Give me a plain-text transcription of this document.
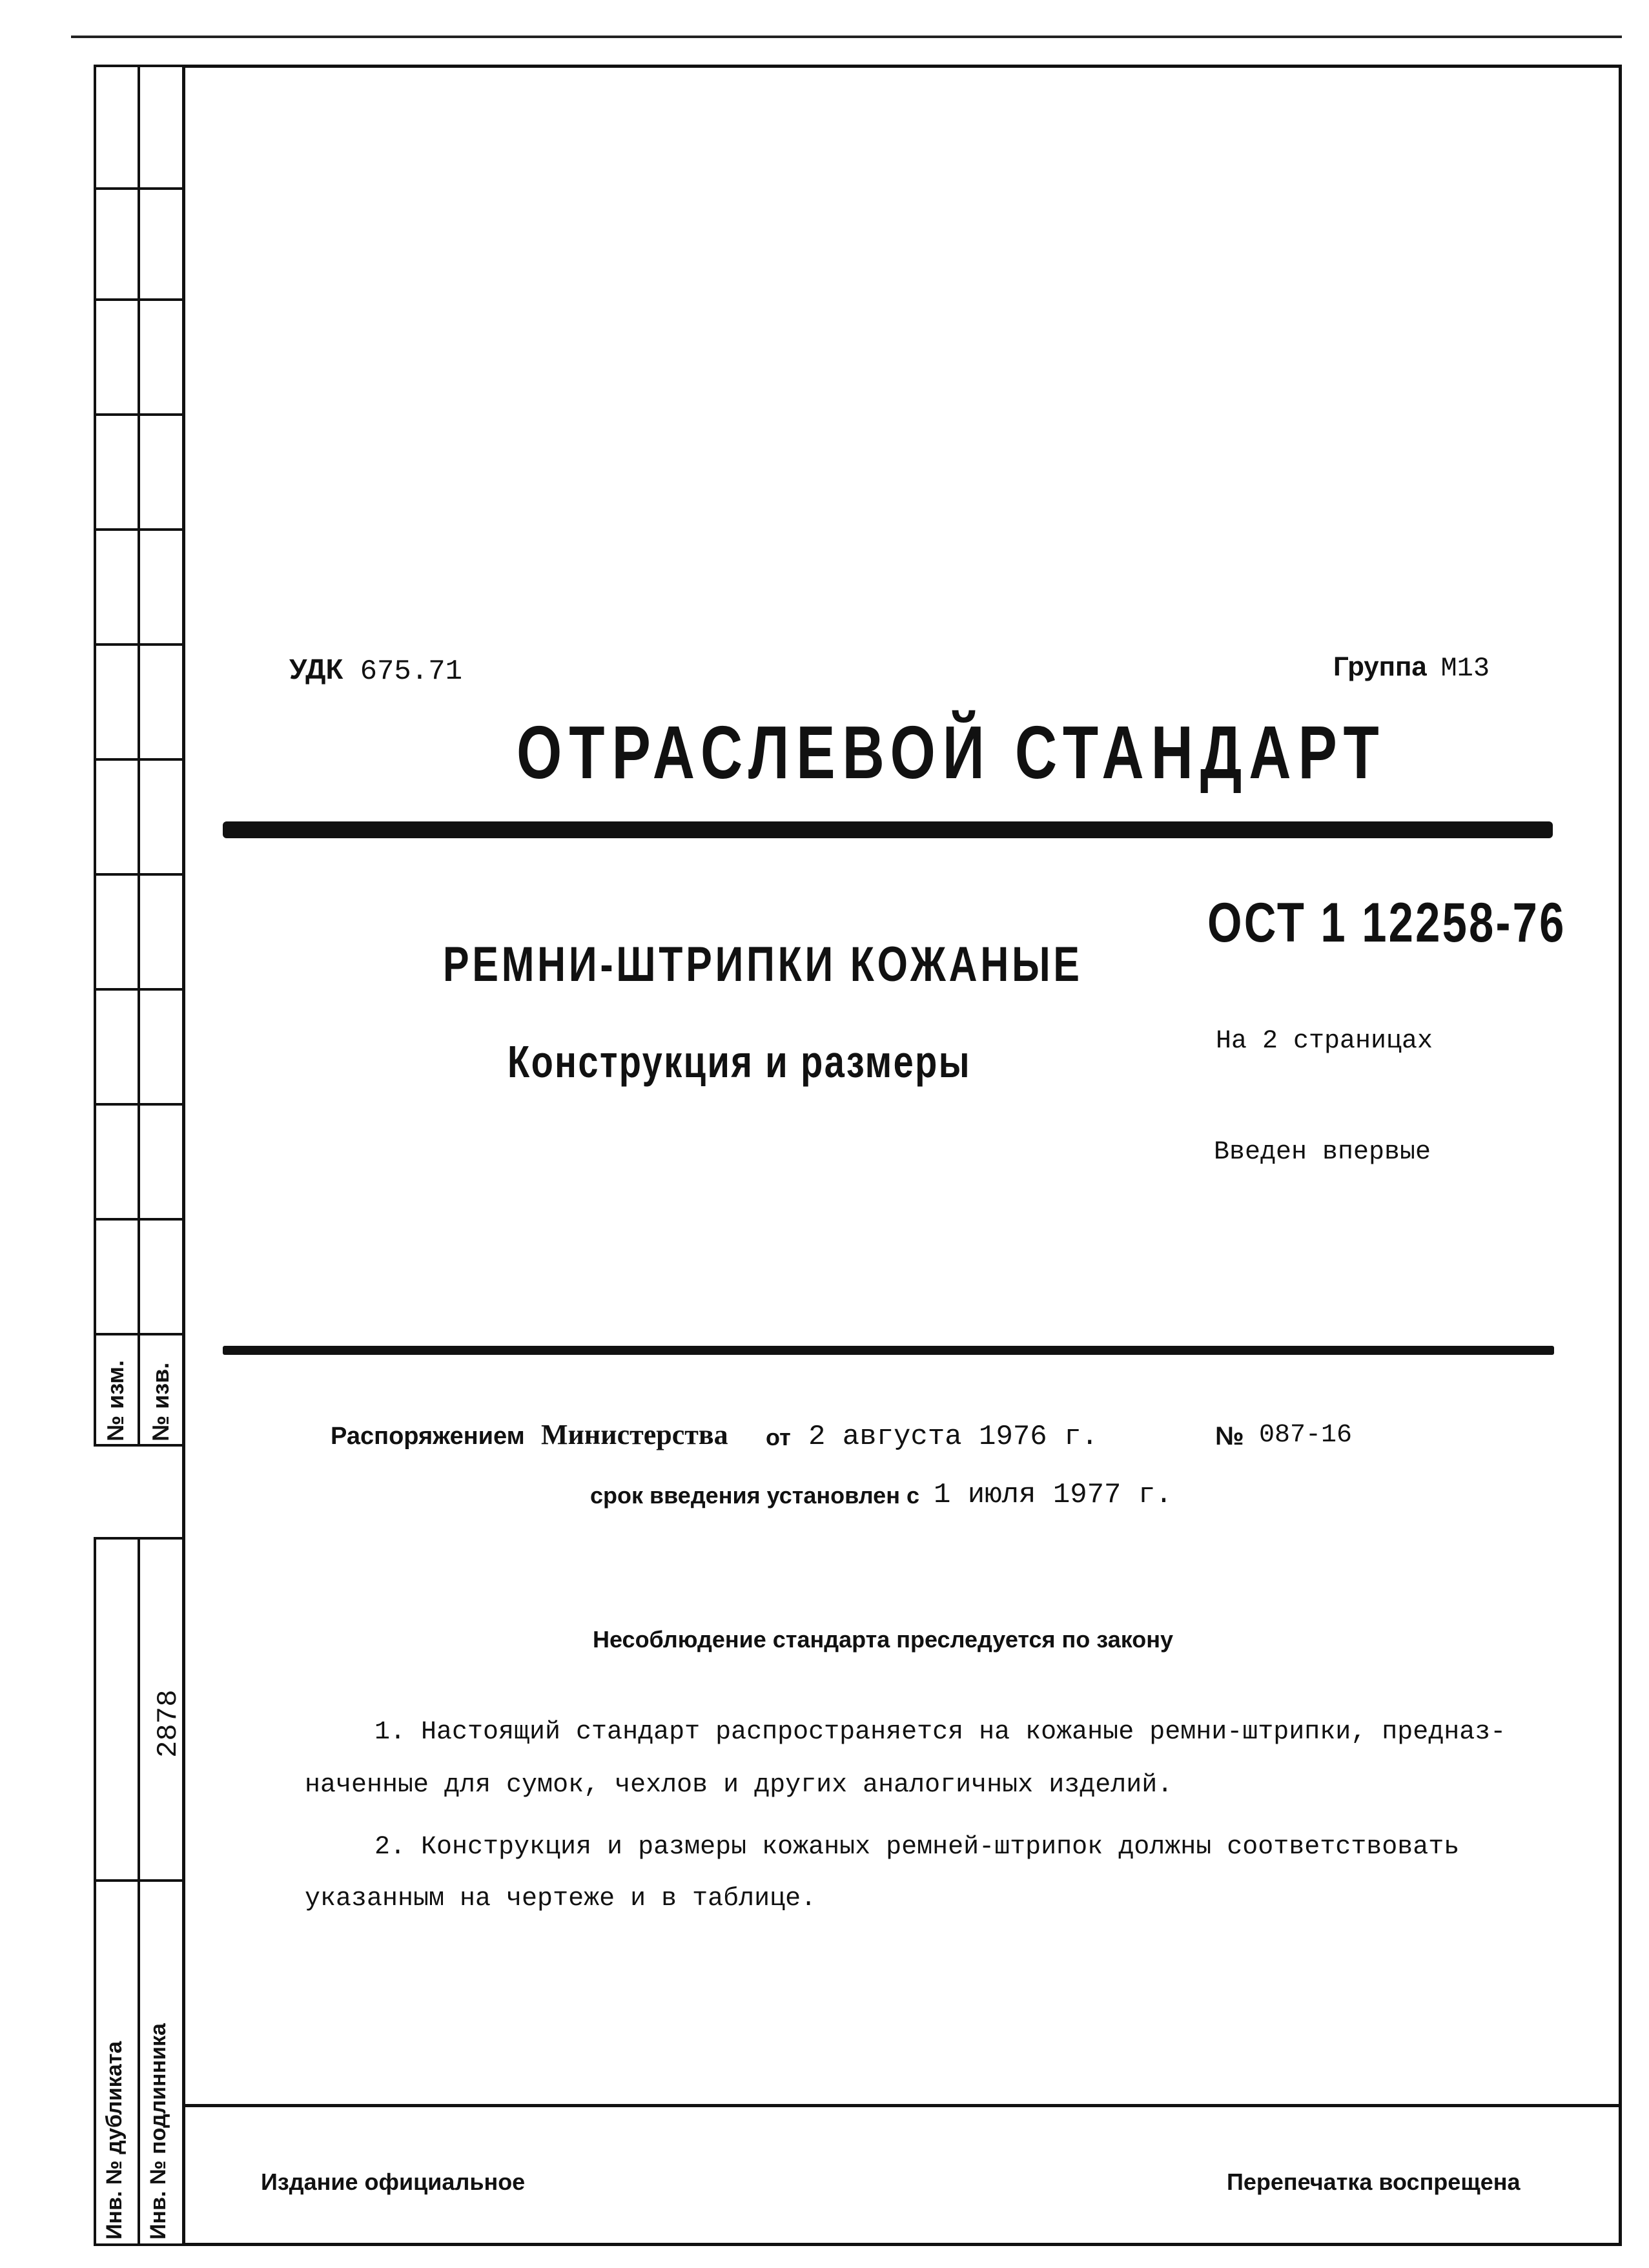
№ изм. № изв.
2878
Инв. № дубликата Инв. № подлинника
УДК 675.71	Группа М13
ОТРАСЛЕВОЙ СТАНДАРТ
ОСТ 1 12258-76
РЕМНИ-ШТРИПКИ КОЖАНЫЕ
Конструкция и размеры	На 2 страницах
Введен впервые
Распоряжением Министерства от 2 августа 1976 г.	№ 087-16
срок введения установлен с 1 июля 1977 г.
Несоблюдение стандарта преследуется по закону
1. Настоящий стандарт распространяется на кожаные ремни-штрипки, предназ-
наченные для сумок, чехлов и других аналогичных изделий.
2. Конструкция и размеры кожаных ремней-штрипок должны соответствовать
указанным на чертеже и в таблице.
Издание официальное	Перепечатка воспрещена
